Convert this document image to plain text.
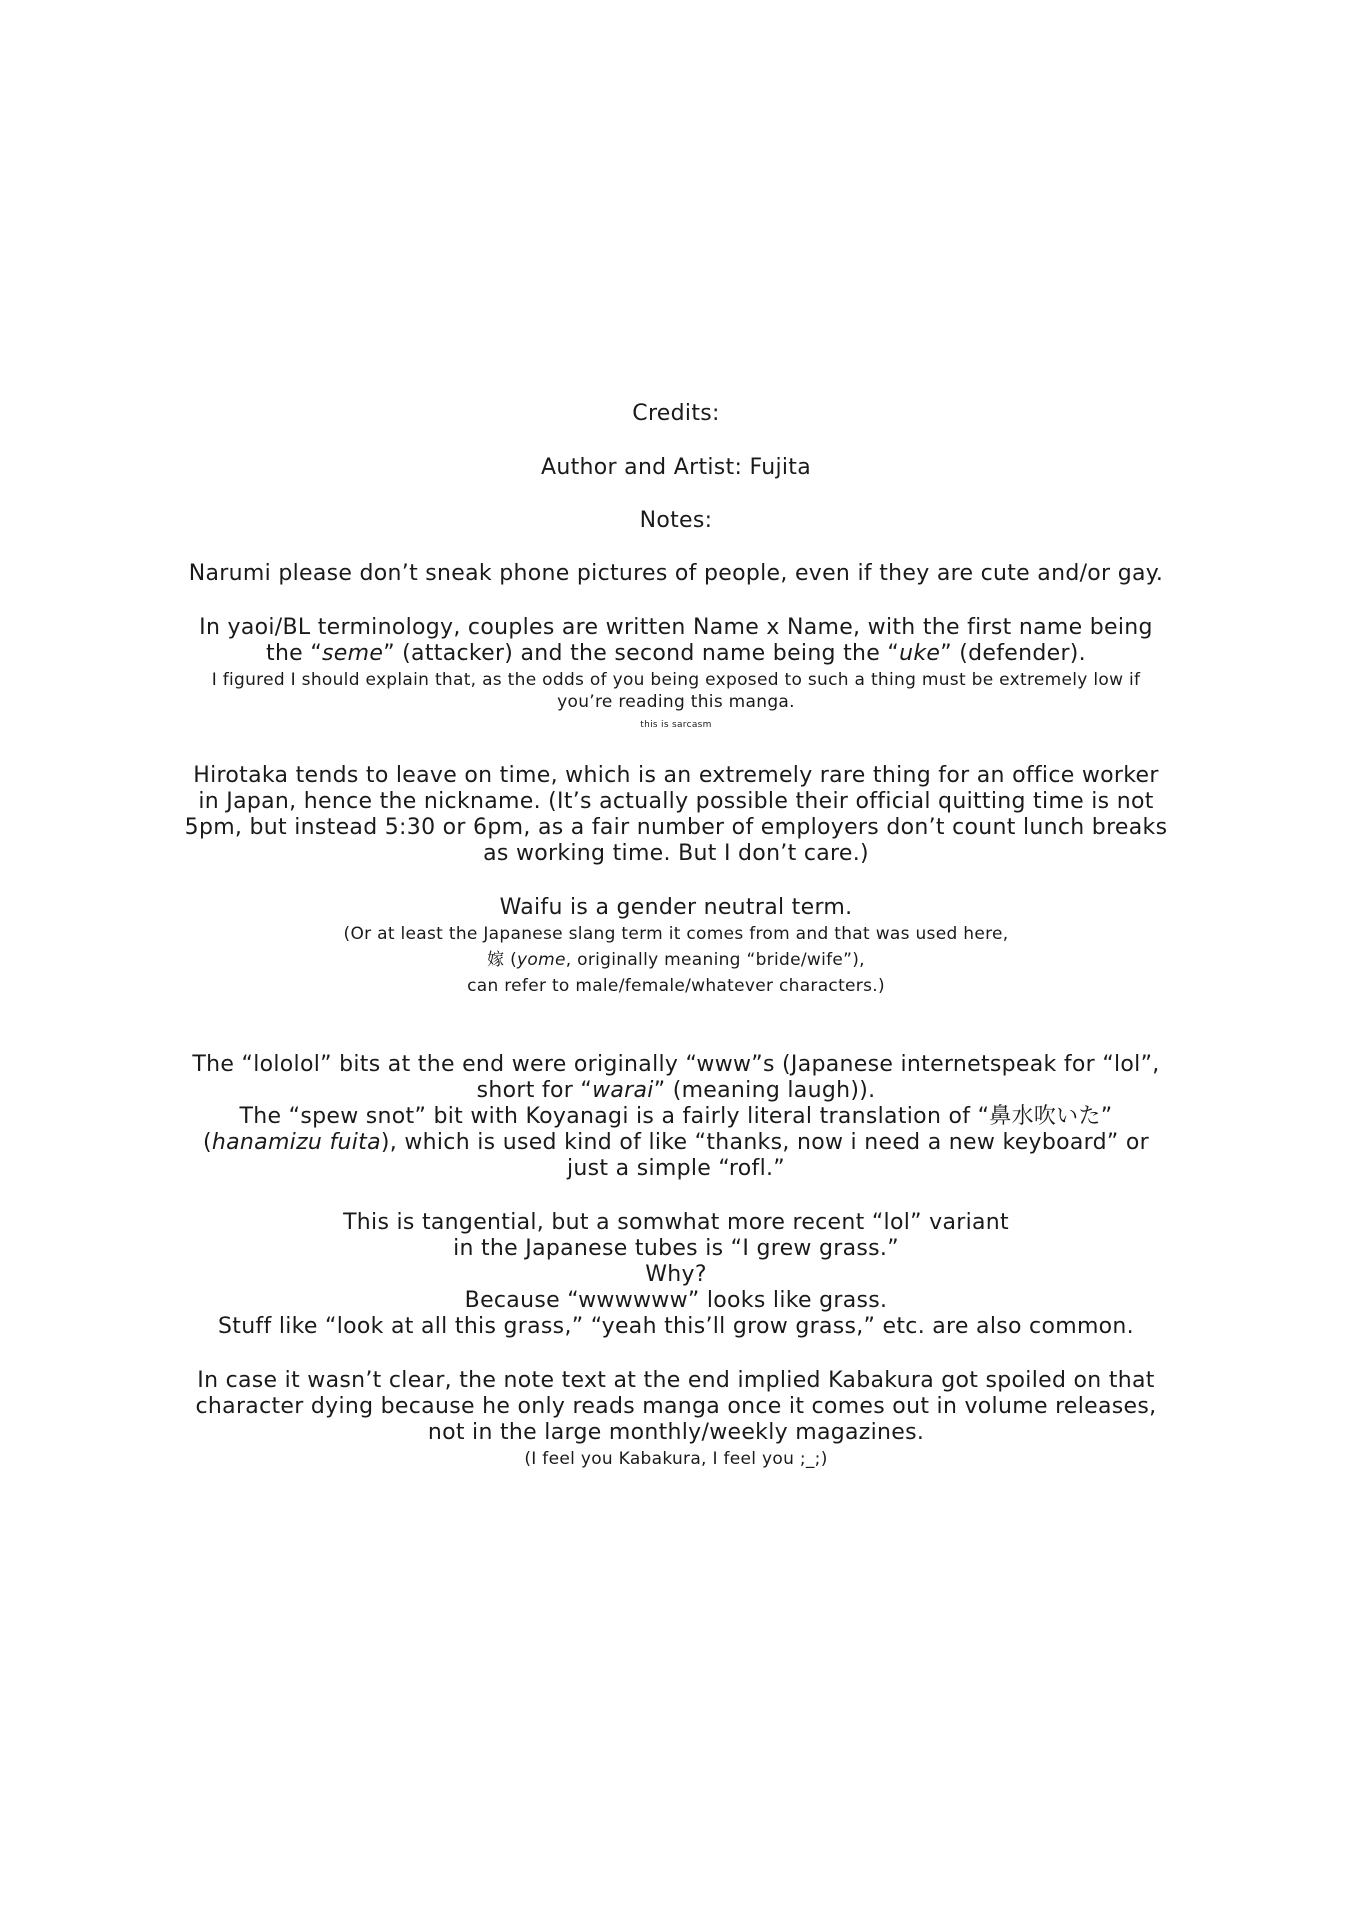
Credits:
Author and Artist: Fujita
Notes:
Narumi please don’t sneak phone pictures of people, even if they are cute and/or gay.
In yaoi/BL terminology, couples are written Name x Name, with the first name being
the “seme” (attacker) and the second name being the “uke” (defender).
I figured I should explain that, as the odds of you being exposed to such a thing must be extremely low if
you’re reading this manga.
this is sarcasm
Hirotaka tends to leave on time, which is an extremely rare thing for an office worker
in Japan, hence the nickname. (It’s actually possible their official quitting time is not
5pm, but instead 5:30 or 6pm, as a fair number of employers don’t count lunch breaks
as working time. But I don’t care.)
Waifu is a gender neutral term.
(Or at least the Japanese slang term it comes from and that was used here,
嫁 (yome, originally meaning “bride/wife”),
can refer to male/female/whatever characters.)
The “lololol” bits at the end were originally “www”s (Japanese internetspeak for “lol”,
short for “warai” (meaning laugh)).
The “spew snot” bit with Koyanagi is a fairly literal translation of “鼻水吹いた”
(hanamizu fuita), which is used kind of like “thanks, now i need a new keyboard” or
just a simple “rofl.”
This is tangential, but a somwhat more recent “lol” variant
in the Japanese tubes is “I grew grass.”
Why?
Because “wwwwww” looks like grass.
Stuff like “look at all this grass,” “yeah this’ll grow grass,” etc. are also common.
In case it wasn’t clear, the note text at the end implied Kabakura got spoiled on that
character dying because he only reads manga once it comes out in volume releases,
not in the large monthly/weekly magazines.
(I feel you Kabakura, I feel you ;_;)
